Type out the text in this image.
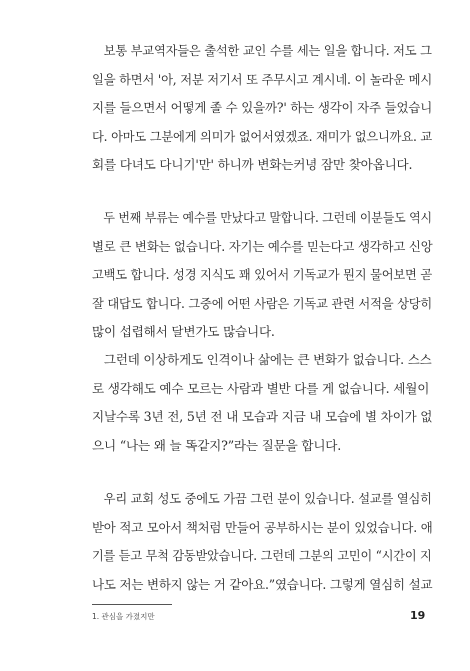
보통 부교역자들은 출석한 교인 수를 세는 일을 합니다. 저도 그
일을 하면서 '아, 저분 저기서 또 주무시고 계시네. 이 놀라운 메시
지를 들으면서 어떻게 졸 수 있을까?' 하는 생각이 자주 들었습니
다. 아마도 그분에게 의미가 없어서였겠죠. 재미가 없으니까요. 교
회를 다녀도 다니기'만' 하니까 변화는커녕 잠만 찾아옵니다.
두 번째 부류는 예수를 만났다고 말합니다. 그런데 이분들도 역시
별로 큰 변화는 없습니다. 자기는 예수를 믿는다고 생각하고 신앙
고백도 합니다. 성경 지식도 꽤 있어서 기독교가 뭔지 물어보면 곧
잘 대답도 합니다. 그중에 어떤 사람은 기독교 관련 서적을 상당히
많이 섭렵해서 달변가도 많습니다.
그런데 이상하게도 인격이나 삶에는 큰 변화가 없습니다. 스스
로 생각해도 예수 모르는 사람과 별반 다를 게 없습니다. 세월이
지날수록 3년 전, 5년 전 내 모습과 지금 내 모습에 별 차이가 없
으니 “나는 왜 늘 똑같지?”라는 질문을 합니다.
우리 교회 성도 중에도 가끔 그런 분이 있습니다. 설교를 열심히
받아 적고 모아서 책처럼 만들어 공부하시는 분이 있었습니다. 애
기를 듣고 무척 감동받았습니다. 그런데 그분의 고민이 “시간이 지
나도 저는 변하지 않는 거 같아요.”였습니다. 그렇게 열심히 설교
1. 관심을 가졌지만	19
